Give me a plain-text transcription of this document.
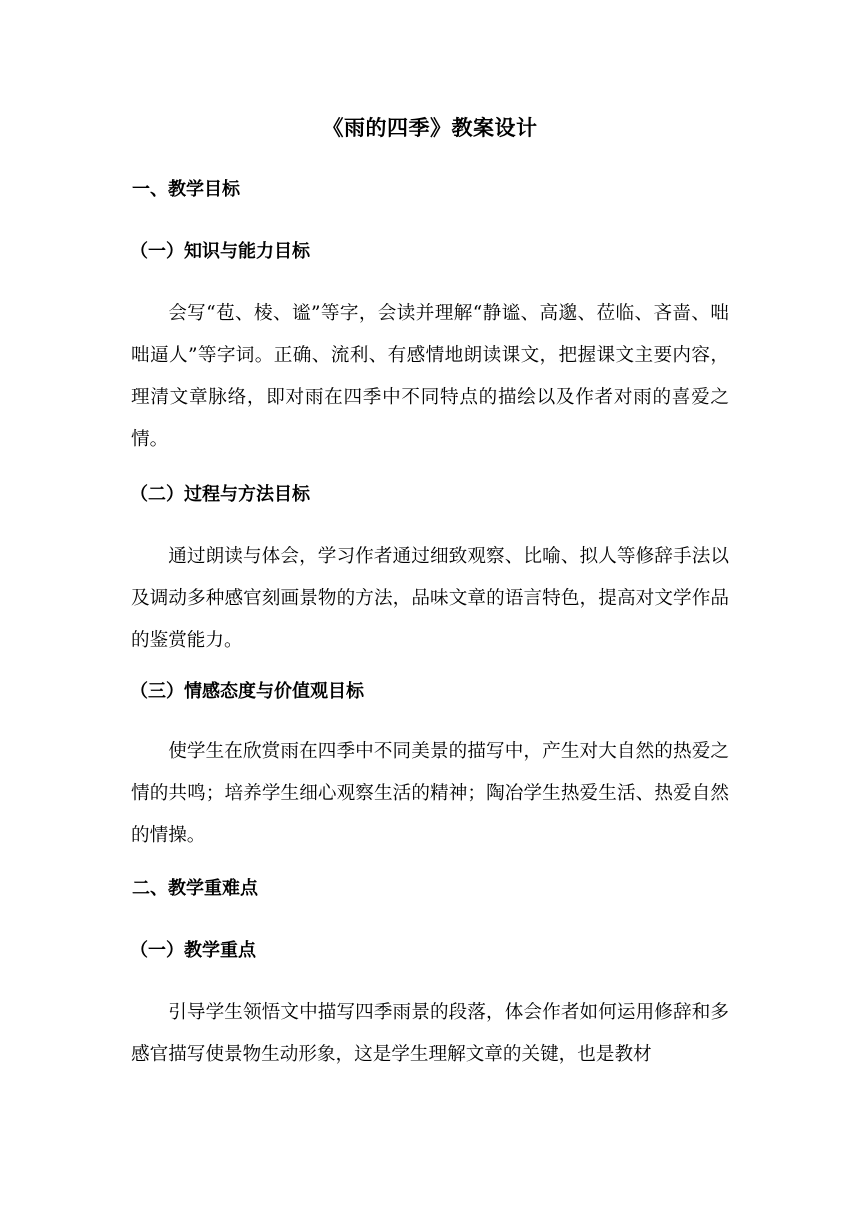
《雨的四季》教案设计
一、教学目标
（一）知识与能力目标

会写“苞、棱、谧”等字，会读并理解“静谧、高邈、莅临、吝啬、咄咄逼人”等字词。正确、流利、有感情地朗读课文，把握课文主要内容，理清文章脉络，即对雨在四季中不同特点的描绘以及作者对雨的喜爱之情。

（二）过程与方法目标

通过朗读与体会，学习作者通过细致观察、比喻、拟人等修辞手法以及调动多种感官刻画景物的方法，品味文章的语言特色，提高对文学作品的鉴赏能力。

（三）情感态度与价值观目标

使学生在欣赏雨在四季中不同美景的描写中，产生对大自然的热爱之情的共鸣；培养学生细心观察生活的精神；陶冶学生热爱生活、热爱自然的情操。

二、教学重难点
（一）教学重点

引导学生领悟文中描写四季雨景的段落，体会作者如何运用修辞和多感官描写使景物生动形象，这是学生理解文章的关键，也是教材
